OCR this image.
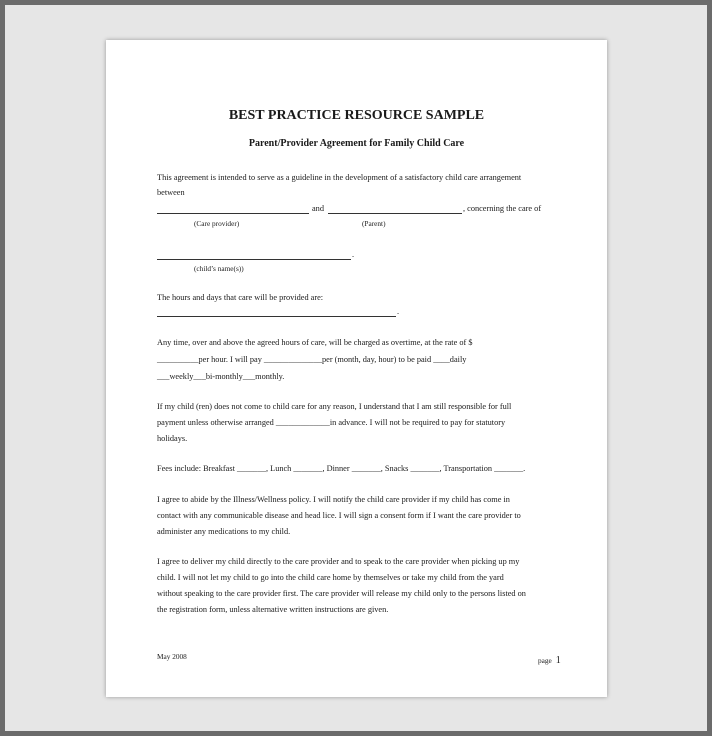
BEST PRACTICE RESOURCE SAMPLE
Parent/Provider Agreement for Family Child Care
This agreement is intended to serve as a guideline in the development of a satisfactory child care arrangement
between
and	, concerning the care of
(Care provider)	(Parent)
.
(child’s name(s))
The hours and days that care will be provided are:
.
Any time, over and above the agreed hours of care, will be charged as overtime, at the rate of $
__________per hour. I will pay ______________per (month, day, hour) to be paid ____daily
___weekly___bi-monthly___monthly.
If my child (ren) does not come to child care for any reason, I understand that I am still responsible for full
payment unless otherwise arranged _____________in advance. I will not be required to pay for statutory
holidays.
Fees include: Breakfast _______, Lunch _______, Dinner _______, Snacks _______, Transportation _______.
I agree to abide by the Illness/Wellness policy. I will notify the child care provider if my child has come in
contact with any communicable disease and head lice. I will sign a consent form if I want the care provider to
administer any medications to my child.
I agree to deliver my child directly to the care provider and to speak to the care provider when picking up my
child. I will not let my child to go into the child care home by themselves or take my child from the yard
without speaking to the care provider first. The care provider will release my child only to the persons listed on
the registration form, unless alternative written instructions are given.
May 2008	page 1
